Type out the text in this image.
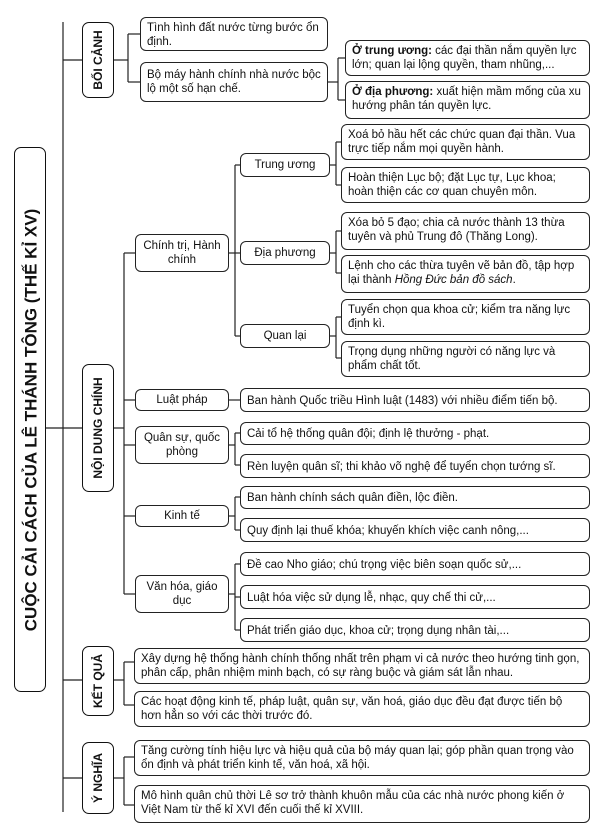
CUỘC CẢI CÁCH CỦA LÊ THÁNH TÔNG (THẾ KỈ XV)
BỐI CẢNH
NỘI DUNG CHÍNH
KẾT QUẢ
Ý NGHĨA
Tình hình đất nước từng bước ổn định.
Bộ máy hành chính nhà nước bộc lộ một số hạn chế.
Ở trung ương: các đại thần nắm quyền lực lớn; quan lại lộng quyền, tham nhũng,...
Ở địa phương: xuất hiện mầm mống của xu hướng phân tán quyền lực.
Chính trị, Hành chính
Luật pháp
Quân sự, quốc phòng
Kinh tế
Văn hóa, giáo dục
Trung ương
Địa phương
Quan lại
Xoá bỏ hầu hết các chức quan đại thần. Vua trực tiếp nắm mọi quyền hành.
Hoàn thiện Lục bộ; đặt Lục tự, Lục khoa; hoàn thiện các cơ quan chuyên môn.
Xóa bỏ 5 đạo; chia cả nước thành 13 thừa tuyên và phủ Trung đô (Thăng Long).
Lệnh cho các thừa tuyên vẽ bản đồ, tập hợp lại thành Hồng Đức bản đồ sách.
Tuyển chọn qua khoa cử; kiểm tra năng lực định kì.
Trọng dụng những người có năng lực và phẩm chất tốt.
Ban hành Quốc triều Hình luật (1483) với nhiều điểm tiến bộ.
Cải tổ hệ thống quân đội; định lệ thưởng - phạt.
Rèn luyện quân sĩ; thi khảo võ nghệ để tuyển chọn tướng sĩ.
Ban hành chính sách quân điền, lộc điền.
Quy định lại thuế khóa; khuyến khích việc canh nông,...
Đề cao Nho giáo; chú trọng việc biên soạn quốc sử,...
Luật hóa việc sử dụng lễ, nhạc, quy chế thi cử,...
Phát triển giáo dục, khoa cử; trọng dụng nhân tài,...
Xây dựng hệ thống hành chính thống nhất trên phạm vi cả nước theo hướng tinh gọn, phân cấp, phân nhiệm minh bạch, có sự ràng buộc và giám sát lẫn nhau.
Các hoạt động kinh tế, pháp luật, quân sự, văn hoá, giáo dục đều đạt được tiến bộ hơn hẳn so với các thời trước đó.
Tăng cường tính hiệu lực và hiệu quả của bộ máy quan lại; góp phần quan trọng vào ổn định và phát triển kinh tế, văn hoá, xã hội.
Mô hình quân chủ thời Lê sơ trở thành khuôn mẫu của các nhà nước phong kiến ở Việt Nam từ thế kỉ XVI đến cuối thế kỉ XVIII.
